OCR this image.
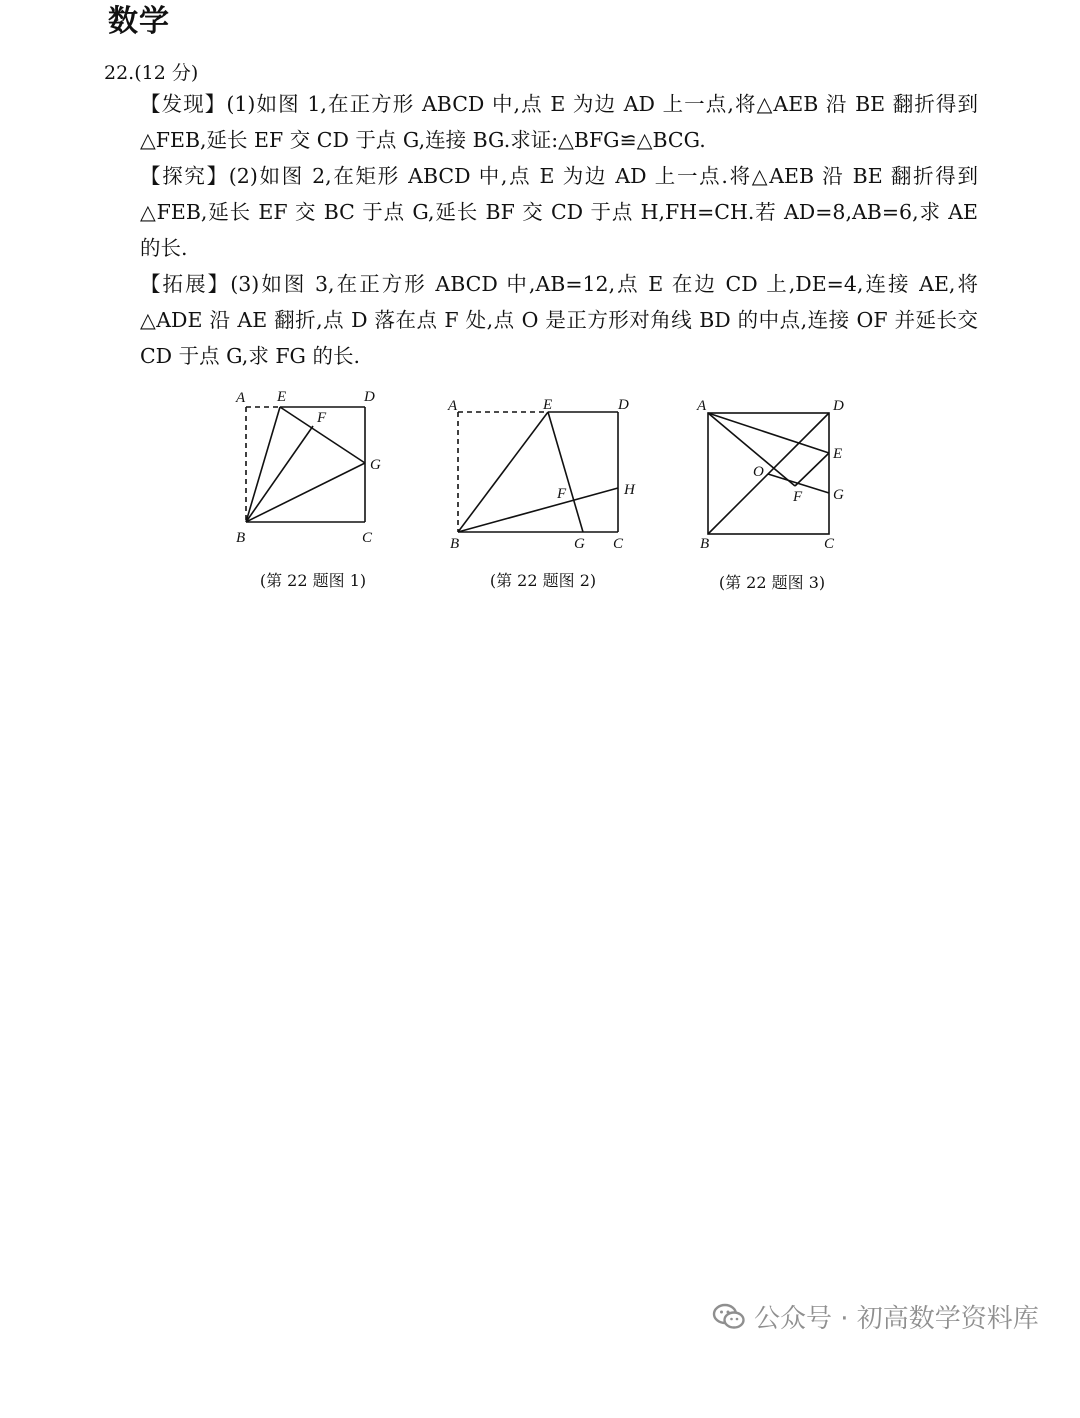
数学
22.(12 分)
【发现】(1)如图 1,在正方形 ABCD 中,点 E 为边 AD 上一点,将△AEB 沿 BE 翻折得到△FEB,延长 EF 交 CD 于点 G,连接 BG.求证:△BFG≌△BCG.
【探究】(2)如图 2,在矩形 ABCD 中,点 E 为边 AD 上一点.将△AEB 沿 BE 翻折得到△FEB,延长 EF 交 BC 于点 G,延长 BF 交 CD 于点 H,FH=CH.若 AD=8,AB=6,求 AE 的长.
【拓展】(3)如图 3,在正方形 ABCD 中,AB=12,点 E 在边 CD 上,DE=4,连接 AE,将△ADE 沿 AE 翻折,点 D 落在点 F 处,点 O 是正方形对角线 BD 的中点,连接 OF 并延长交 CD 于点 G,求 FG 的长.
A E	D
F
G
B	C
(第 22 题图 1)
A	E	D
F	H
B	G C
(第 22 题图 2)
A	D
O
E
F G
B	C
(第 22 题图 3)
公众号 · 初高数学资料库
